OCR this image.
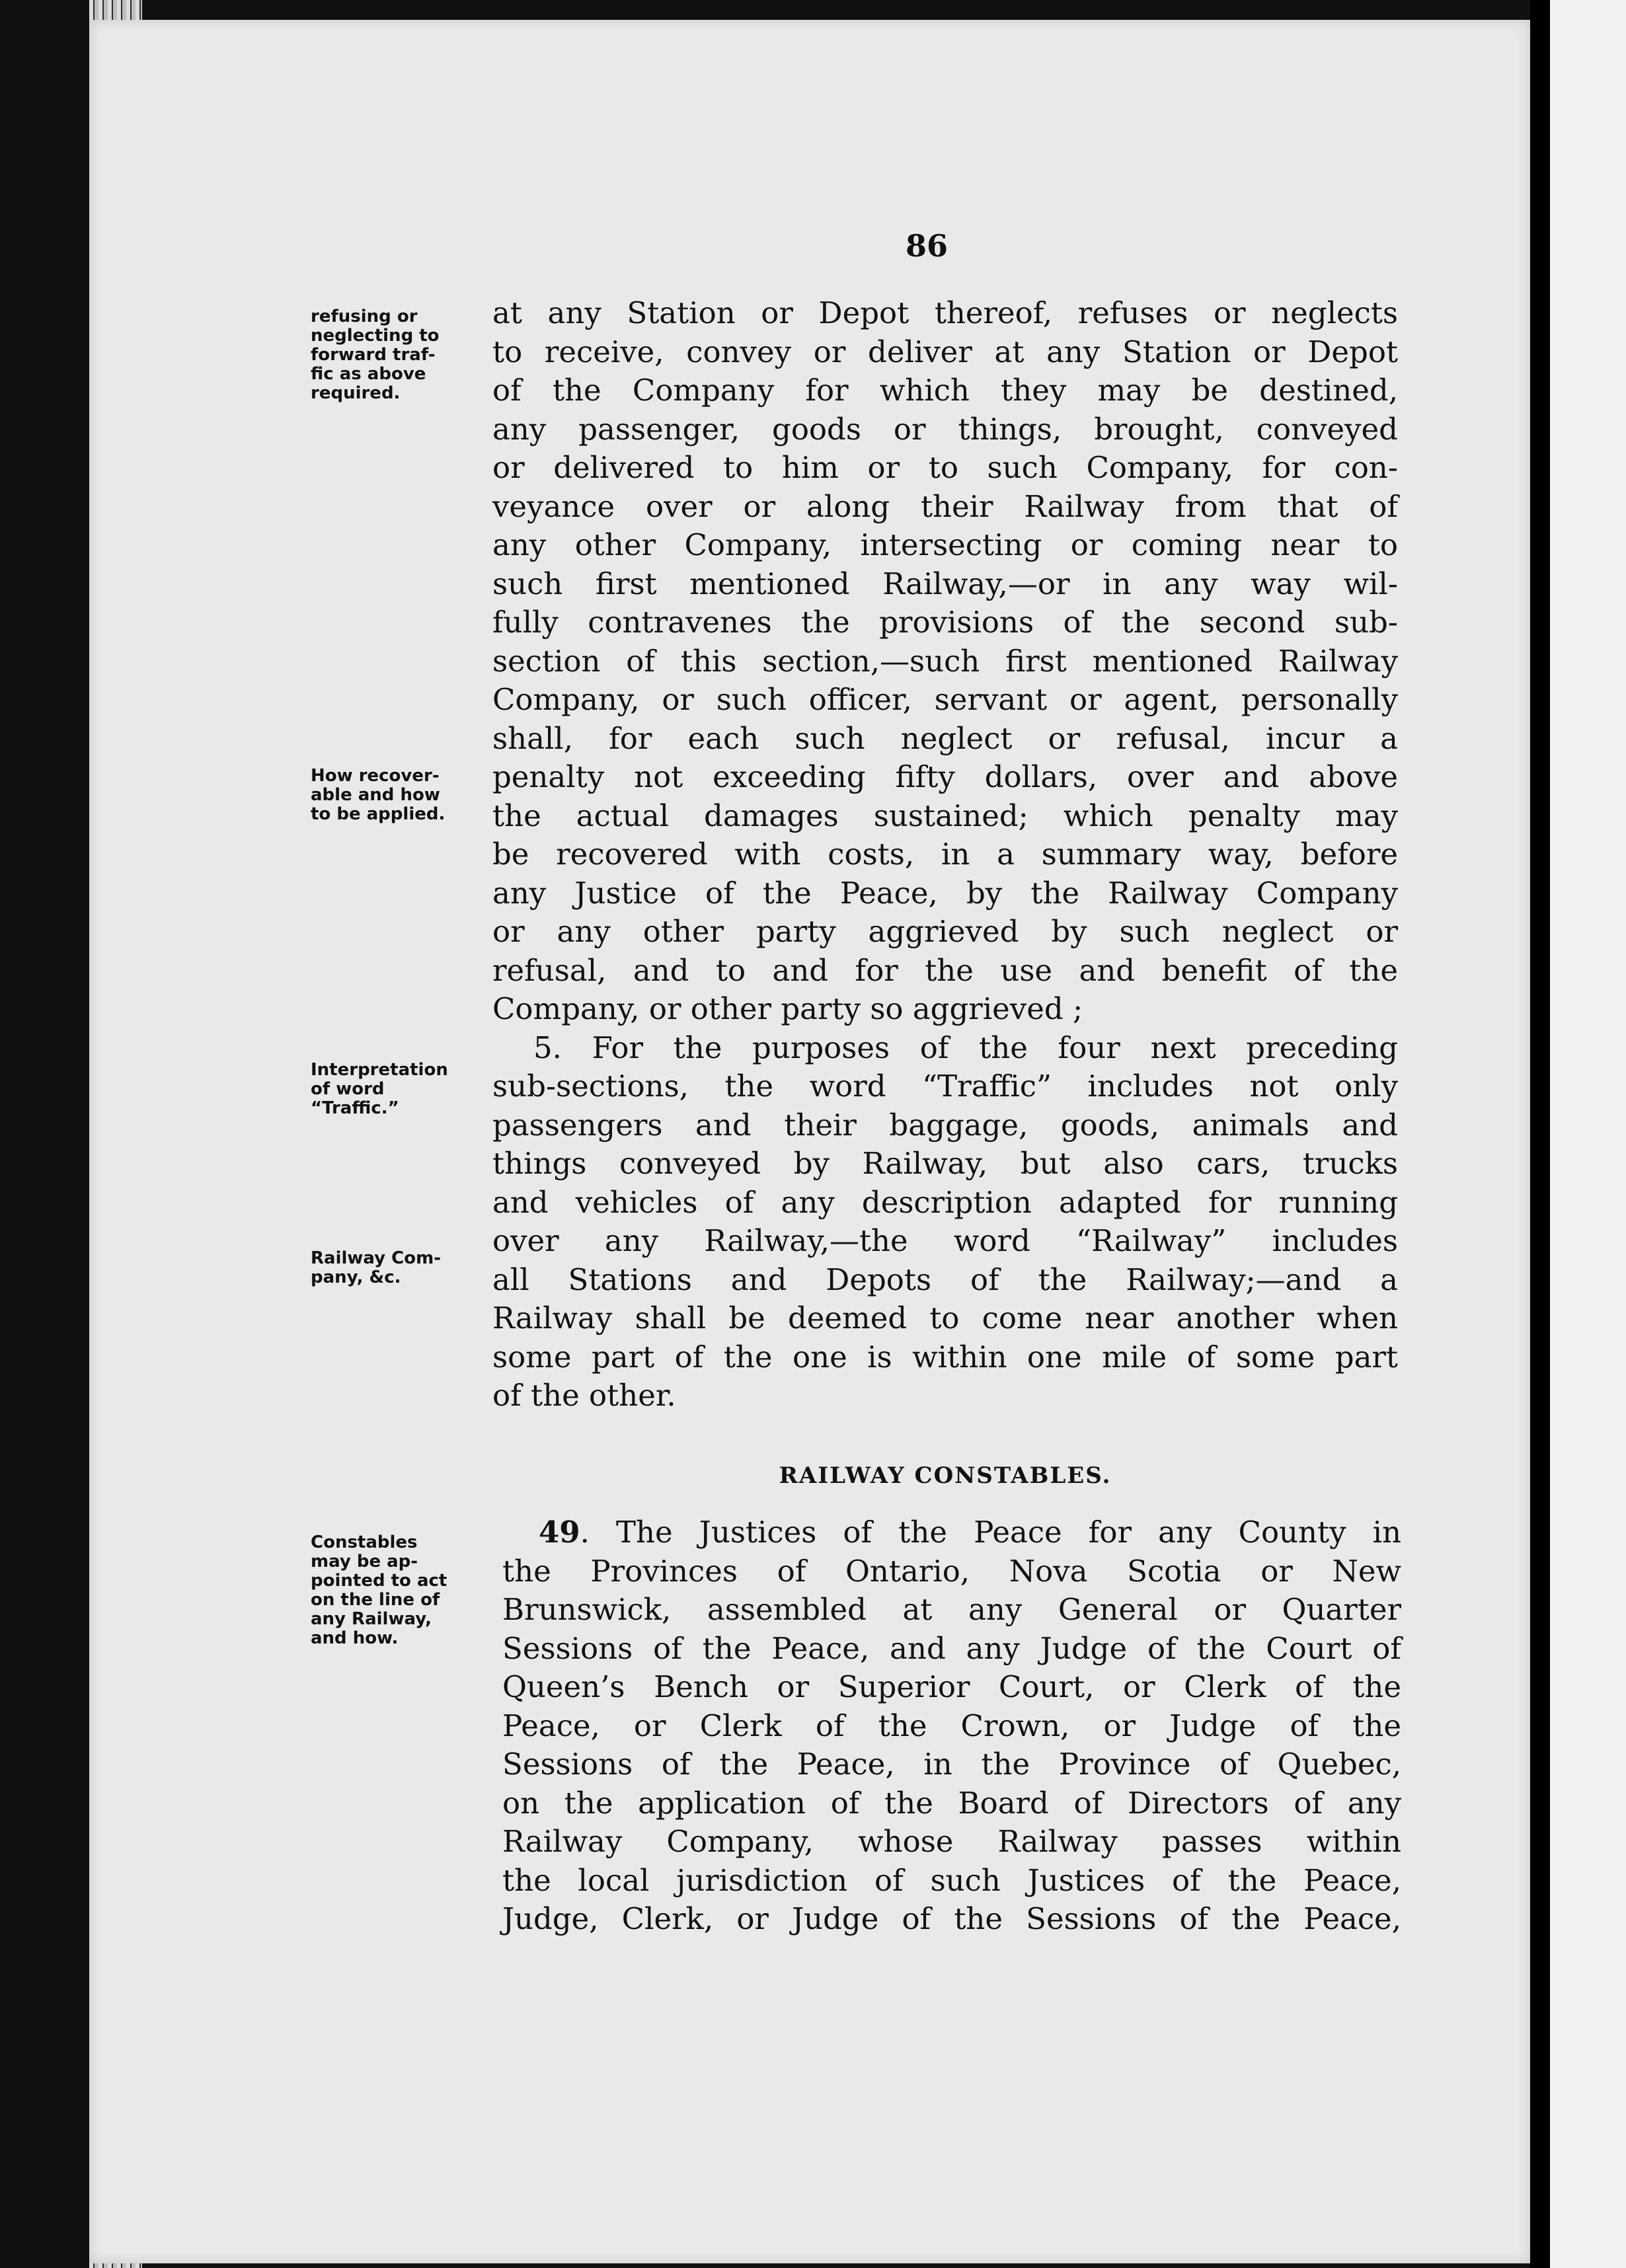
86
refusing or
neglecting to
forward traf-
fic as above
required.
How recover-
able and how
to be applied.
Interpretation
of word
“Traffic.”
Railway Com-
pany, &c.
Constables
may be ap-
pointed to act
on the line of
any Railway,
and how.
at any Station or Depot thereof, refuses or neglects
to receive, convey or deliver at any Station or Depot
of the Company for which they may be destined,
any passenger, goods or things, brought, conveyed
or delivered to him or to such Company, for con-
veyance over or along their Railway from that of
any other Company, intersecting or coming near to
such first mentioned Railway,—or in any way wil-
fully contravenes the provisions of the second sub-
section of this section,—such first mentioned Railway
Company, or such officer, servant or agent, personally
shall, for each such neglect or refusal, incur a
penalty not exceeding fifty dollars, over and above
the actual damages sustained; which penalty may
be recovered with costs, in a summary way, before
any Justice of the Peace, by the Railway Company
or any other party aggrieved by such neglect or
refusal, and to and for the use and benefit of the
Company, or other party so aggrieved ;
5. For the purposes of the four next preceding
sub-sections, the word “Traffic” includes not only
passengers and their baggage, goods, animals and
things conveyed by Railway, but also cars, trucks
and vehicles of any description adapted for running
over any Railway,—the word “Railway” includes
all Stations and Depots of the Railway;—and a
Railway shall be deemed to come near another when
some part of the one is within one mile of some part
of the other.
RAILWAY CONSTABLES.
49. The Justices of the Peace for any County in
the Provinces of Ontario, Nova Scotia or New
Brunswick, assembled at any General or Quarter
Sessions of the Peace, and any Judge of the Court of
Queen’s Bench or Superior Court, or Clerk of the
Peace, or Clerk of the Crown, or Judge of the
Sessions of the Peace, in the Province of Quebec,
on the application of the Board of Directors of any
Railway Company, whose Railway passes within
the local jurisdiction of such Justices of the Peace,
Judge, Clerk, or Judge of the Sessions of the Peace,
